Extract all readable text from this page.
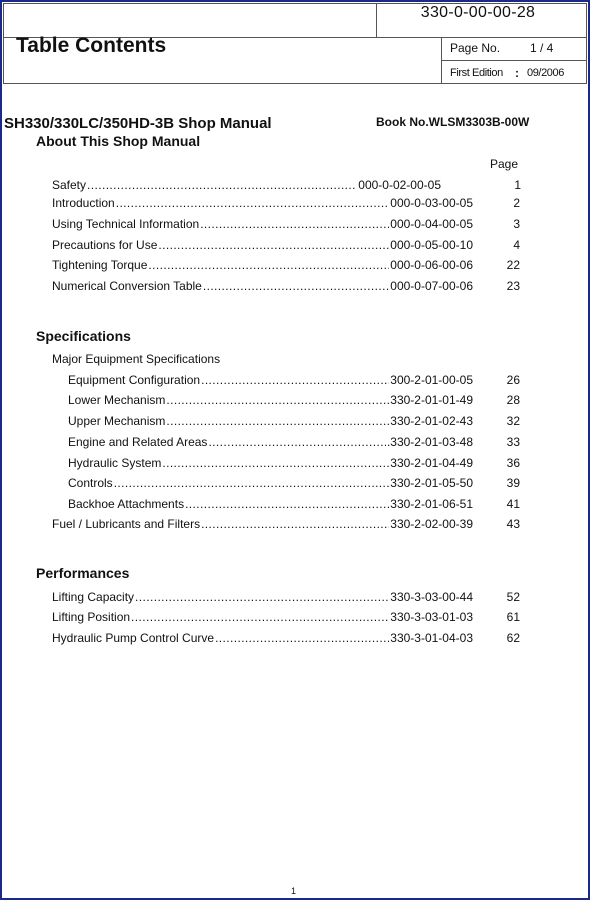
330-0-00-00-28
Table Contents	Page No. 1 / 4
First Edition : 09/2006
SH330/330LC/350HD-3B Shop Manual	Book No.WLSM3303B-00W
About This Shop Manual
Page
Safety .....	000-0-02-00-05	1
Introduction .....	000-0-03-00-05	2
Using Technical Information .....	000-0-04-00-05	3
Precautions for Use .....	000-0-05-00-10	4
Tightening Torque .....	000-0-06-00-06	22
Numerical Conversion Table .....	000-0-07-00-06	23
Specifications
Major Equipment Specifications
Equipment Configuration .....	300-2-01-00-05	26
Lower Mechanism .....	330-2-01-01-49	28
Upper Mechanism .....	330-2-01-02-43	32
Engine and Related Areas .....	.330-2-01-03-48	33
Hydraulic System .....	330-2-01-04-49	36
Controls .....	330-2-01-05-50	39
Backhoe Attachments .....	330-2-01-06-51	41
Fuel / Lubricants and Filters .....	330-2-02-00-39	43
Performances
Lifting Capacity .....	330-3-03-00-44	52
Lifting Position .....	330-3-03-01-03	61
Hydraulic Pump Control Curve .....	330-3-01-04-03	62
1
